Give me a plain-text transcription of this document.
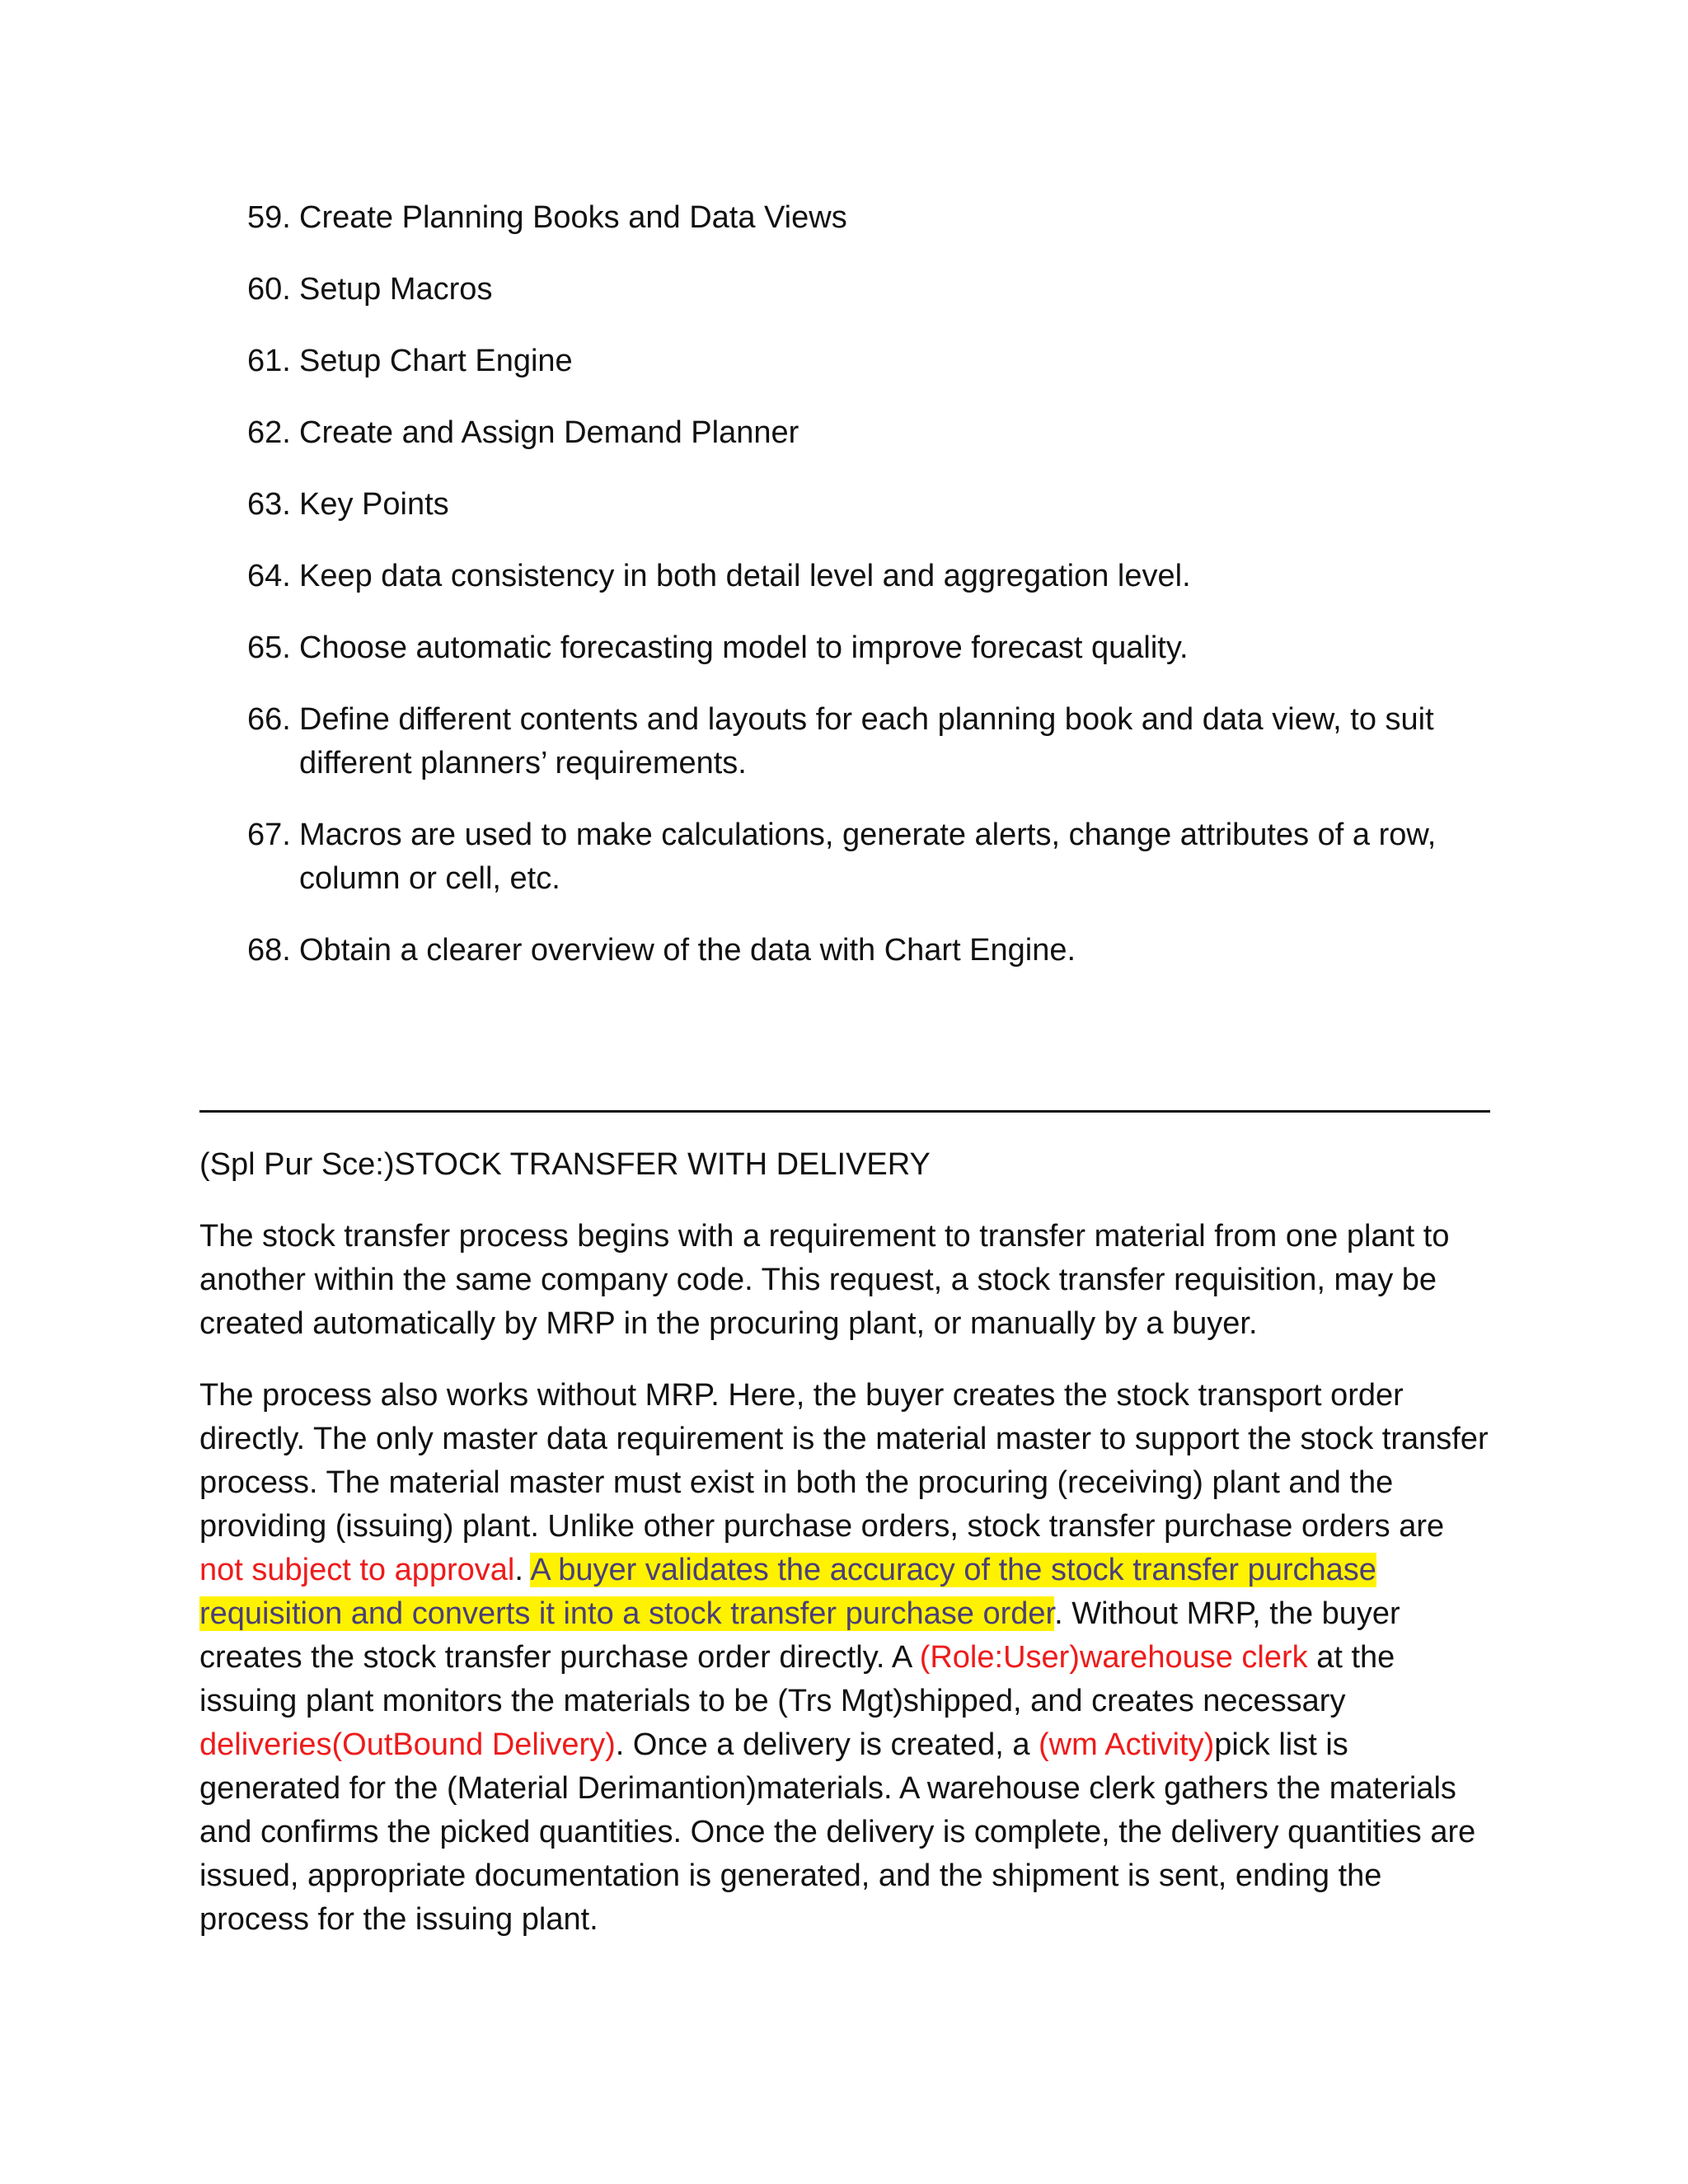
59. Create Planning Books and Data Views
60. Setup Macros
61. Setup Chart Engine
62. Create and Assign Demand Planner
63. Key Points
64. Keep data consistency in both detail level and aggregation level.
65. Choose automatic forecasting model to improve forecast quality.
66. Define different contents and layouts for each planning book and data view, to suit different planners’ requirements.
67. Macros are used to make calculations, generate alerts, change attributes of a row, column or cell, etc.
68. Obtain a clearer overview of the data with Chart Engine.
(Spl Pur Sce:)STOCK TRANSFER WITH DELIVERY

The stock transfer process begins with a requirement to transfer material from one plant to another within the same company code. This request, a stock transfer requisition, may be created automatically by MRP in the procuring plant, or manually by a buyer.

The process also works without MRP. Here, the buyer creates the stock transport order directly. The only master data requirement is the material master to support the stock transfer process. The material master must exist in both the procuring (receiving) plant and the providing (issuing) plant. Unlike other purchase orders, stock transfer purchase orders are not subject to approval. A buyer validates the accuracy of the stock transfer purchase requisition and converts it into a stock transfer purchase order. Without MRP, the buyer creates the stock transfer purchase order directly. A (Role:User)warehouse clerk at the issuing plant monitors the materials to be (Trs Mgt)shipped, and creates necessary deliveries(OutBound Delivery). Once a delivery is created, a (wm Activity)pick list is generated for the (Material Derimantion)materials. A warehouse clerk gathers the materials and confirms the picked quantities. Once the delivery is complete, the delivery quantities are issued, appropriate documentation is generated, and the shipment is sent, ending the process for the issuing plant.
